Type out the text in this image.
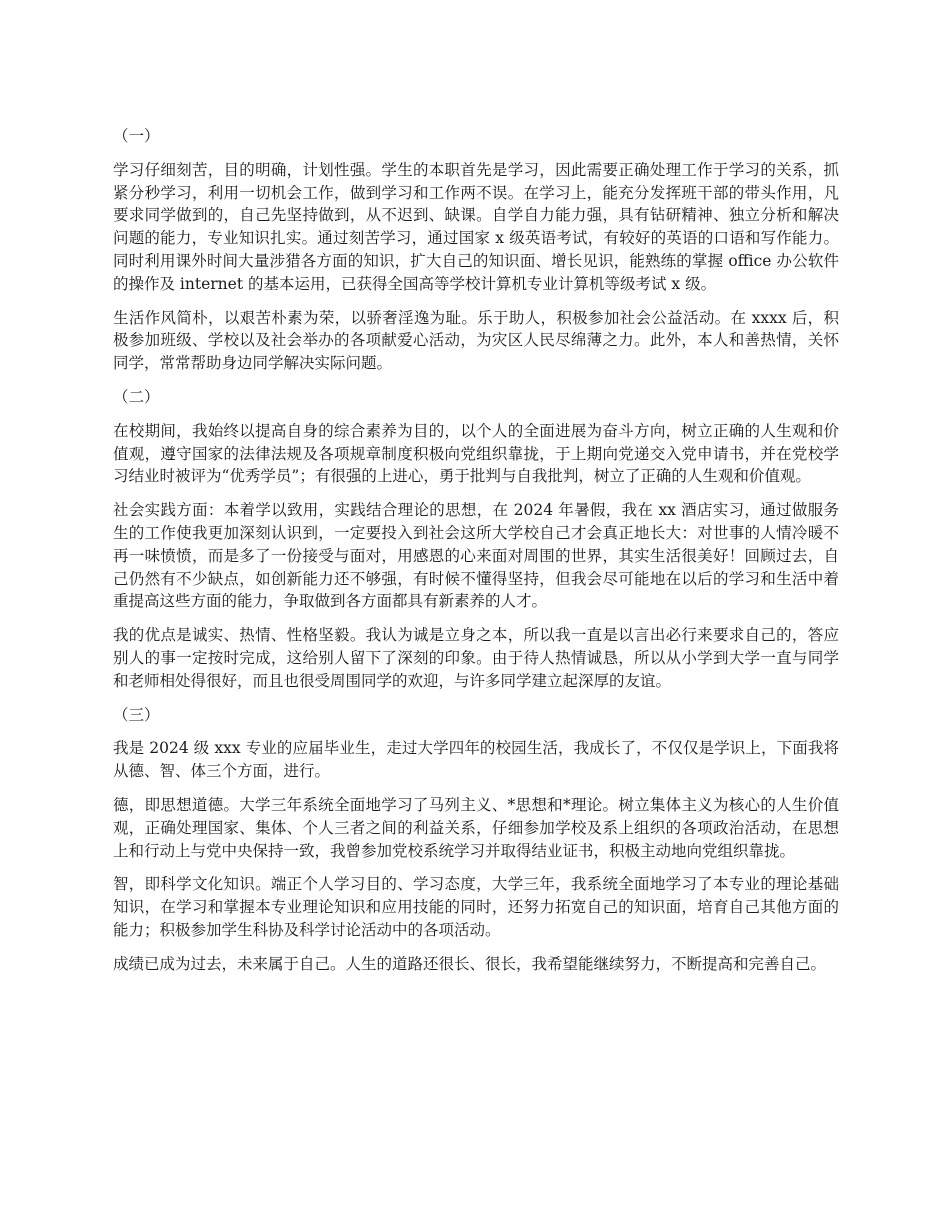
（一）

学习仔细刻苦，目的明确，计划性强。学生的本职首先是学习，因此需要正确处理工作于学习的关系，抓紧分秒学习，利用一切机会工作，做到学习和工作两不误。在学习上，能充分发挥班干部的带头作用，凡要求同学做到的，自己先坚持做到，从不迟到、缺课。自学自力能力强，具有钻研精神、独立分析和解决问题的能力，专业知识扎实。通过刻苦学习，通过国家 x 级英语考试，有较好的英语的口语和写作能力。同时利用课外时间大量涉猎各方面的知识，扩大自己的知识面、增长见识，能熟练的掌握 office 办公软件的操作及 internet 的基本运用，已获得全国高等学校计算机专业计算机等级考试 x 级。

生活作风简朴，以艰苦朴素为荣，以骄奢淫逸为耻。乐于助人，积极参加社会公益活动。在 xxxx 后，积极参加班级、学校以及社会举办的各项献爱心活动，为灾区人民尽绵薄之力。此外，本人和善热情，关怀同学，常常帮助身边同学解决实际问题。

（二）

在校期间，我始终以提高自身的综合素养为目的，以个人的全面进展为奋斗方向，树立正确的人生观和价值观，遵守国家的法律法规及各项规章制度积极向党组织靠拢，于上期向党递交入党申请书，并在党校学习结业时被评为“优秀学员”；有很强的上进心，勇于批判与自我批判，树立了正确的人生观和价值观。

社会实践方面：本着学以致用，实践结合理论的思想，在 2024 年暑假，我在 xx 酒店实习，通过做服务生的工作使我更加深刻认识到，一定要投入到社会这所大学校自己才会真正地长大：对世事的人情冷暖不再一味愤愤，而是多了一份接受与面对，用感恩的心来面对周围的世界，其实生活很美好！回顾过去，自己仍然有不少缺点，如创新能力还不够强，有时候不懂得坚持，但我会尽可能地在以后的学习和生活中着重提高这些方面的能力，争取做到各方面都具有新素养的人才。

我的优点是诚实、热情、性格坚毅。我认为诚是立身之本，所以我一直是以言出必行来要求自己的，答应别人的事一定按时完成，这给别人留下了深刻的印象。由于待人热情诚恳，所以从小学到大学一直与同学和老师相处得很好，而且也很受周围同学的欢迎，与许多同学建立起深厚的友谊。

（三）

我是 2024 级 xxx 专业的应届毕业生，走过大学四年的校园生活，我成长了，不仅仅是学识上，下面我将从德、智、体三个方面，进行。

德，即思想道德。大学三年系统全面地学习了马列主义、*思想和*理论。树立集体主义为核心的人生价值观，正确处理国家、集体、个人三者之间的利益关系，仔细参加学校及系上组织的各项政治活动，在思想上和行动上与党中央保持一致，我曾参加党校系统学习并取得结业证书，积极主动地向党组织靠拢。

智，即科学文化知识。端正个人学习目的、学习态度，大学三年，我系统全面地学习了本专业的理论基础知识，在学习和掌握本专业理论知识和应用技能的同时，还努力拓宽自己的知识面，培育自己其他方面的能力；积极参加学生科协及科学讨论活动中的各项活动。

成绩已成为过去，未来属于自己。人生的道路还很长、很长，我希望能继续努力，不断提高和完善自己。
